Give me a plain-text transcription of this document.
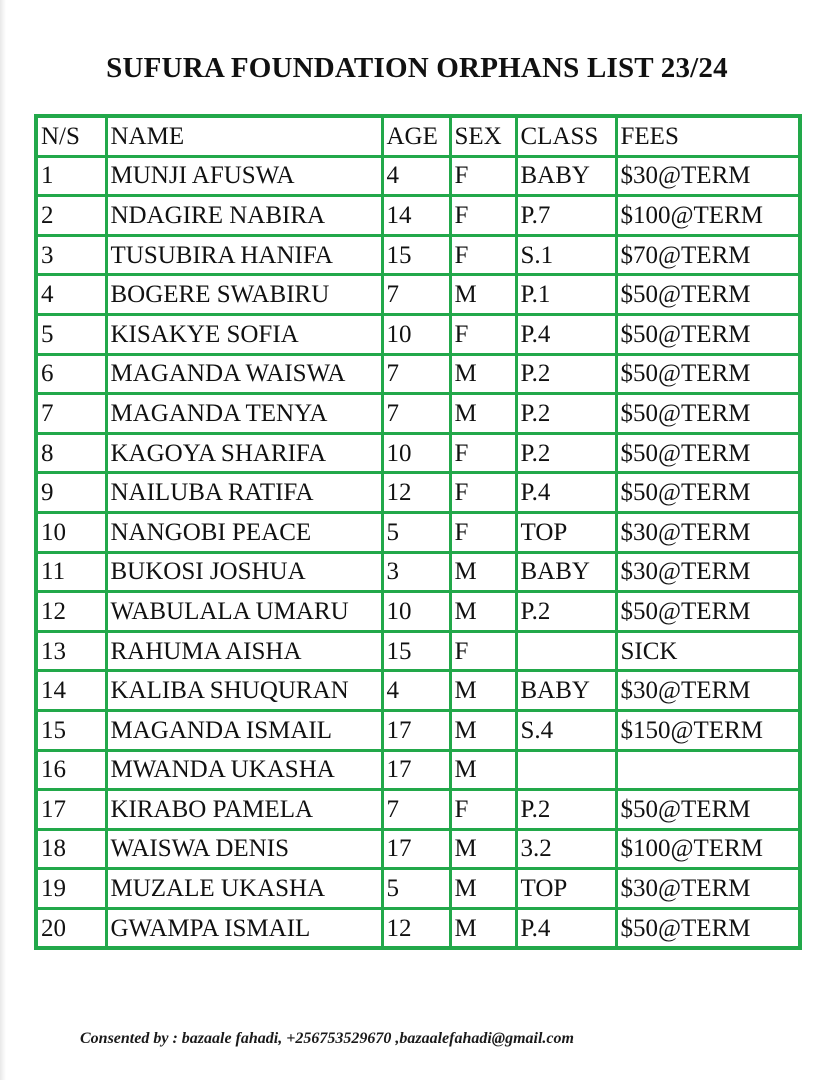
SUFURA FOUNDATION ORPHANS LIST 23/24
N/S	NAME	AGE	SEX	CLASS	FEES
1	MUNJI AFUSWA	4	F	BABY	$30@TERM
2	NDAGIRE NABIRA	14	F	P.7	$100@TERM
3	TUSUBIRA HANIFA	15	F	S.1	$70@TERM
4	BOGERE SWABIRU	7	M	P.1	$50@TERM
5	KISAKYE SOFIA	10	F	P.4	$50@TERM
6	MAGANDA WAISWA	7	M	P.2	$50@TERM
7	MAGANDA TENYA	7	M	P.2	$50@TERM
8	KAGOYA SHARIFA	10	F	P.2	$50@TERM
9	NAILUBA RATIFA	12	F	P.4	$50@TERM
10	NANGOBI PEACE	5	F	TOP	$30@TERM
11	BUKOSI JOSHUA	3	M	BABY	$30@TERM
12	WABULALA UMARU	10	M	P.2	$50@TERM
13	RAHUMA AISHA	15	F		SICK
14	KALIBA SHUQURAN	4	M	BABY	$30@TERM
15	MAGANDA ISMAIL	17	M	S.4	$150@TERM
16	MWANDA UKASHA	17	M		
17	KIRABO PAMELA	7	F	P.2	$50@TERM
18	WAISWA DENIS	17	M	3.2	$100@TERM
19	MUZALE UKASHA	5	M	TOP	$30@TERM
20	GWAMPA ISMAIL	12	M	P.4	$50@TERM
Consented by : bazaale fahadi, +256753529670 ,bazaalefahadi@gmail.com
